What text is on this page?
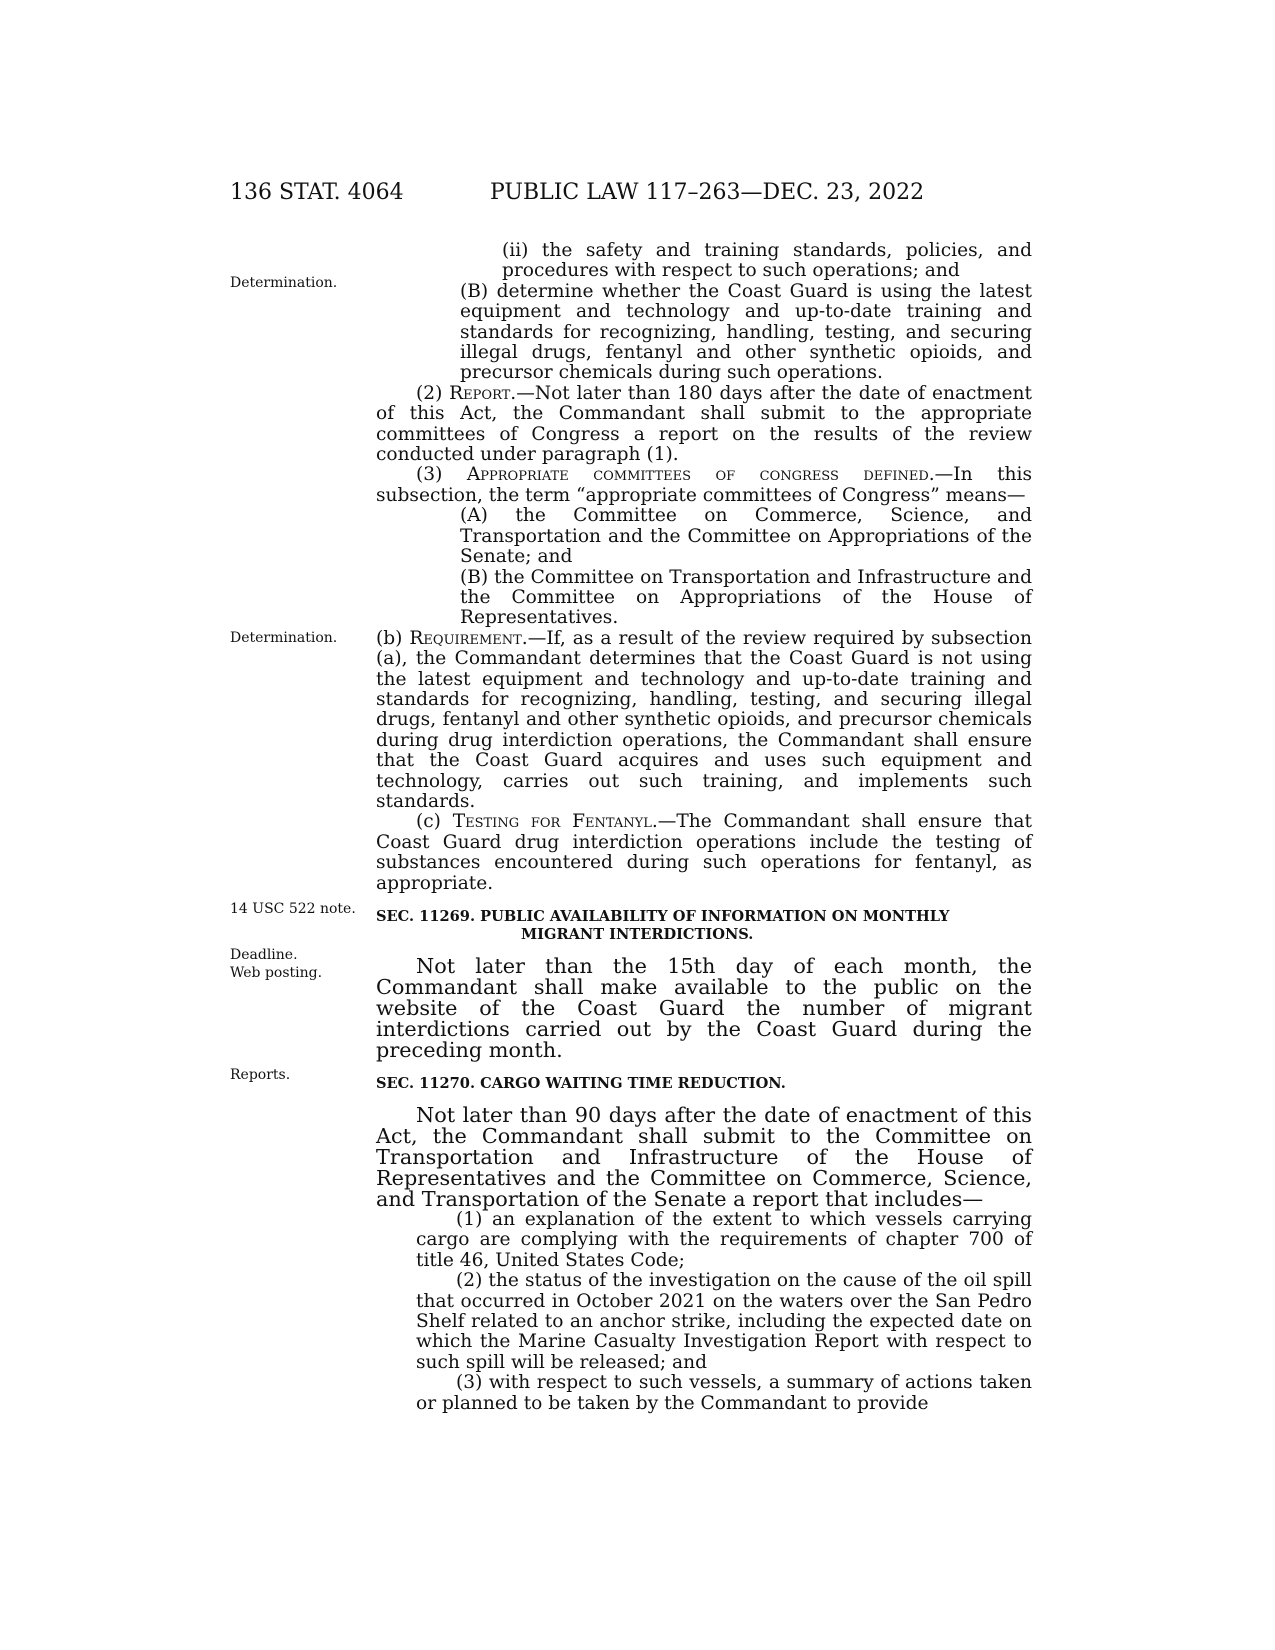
136 STAT. 4064	PUBLIC LAW 117–263—DEC. 23, 2022
Determination.
Determination.
14 USC 522 note.
Deadline.
Web posting.
Reports.

(ii) the safety and training standards, policies, and procedures with respect to such operations; and

(B) determine whether the Coast Guard is using the latest equipment and technology and up-to-date training and standards for recognizing, handling, testing, and securing illegal drugs, fentanyl and other synthetic opioids, and precursor chemicals during such operations.

(2) Report.—Not later than 180 days after the date of enactment of this Act, the Commandant shall submit to the appropriate committees of Congress a report on the results of the review conducted under paragraph (1).

(3) Appropriate committees of congress defined.—In this subsection, the term “appropriate committees of Congress” means—

(A) the Committee on Commerce, Science, and Transportation and the Committee on Appropriations of the Senate; and

(B) the Committee on Transportation and Infrastructure and the Committee on Appropriations of the House of Representatives.

(b) Requirement.—If, as a result of the review required by subsection (a), the Commandant determines that the Coast Guard is not using the latest equipment and technology and up-to-date training and standards for recognizing, handling, testing, and securing illegal drugs, fentanyl and other synthetic opioids, and precursor chemicals during drug interdiction operations, the Commandant shall ensure that the Coast Guard acquires and uses such equipment and technology, carries out such training, and implements such standards.

(c) Testing for Fentanyl.—The Commandant shall ensure that Coast Guard drug interdiction operations include the testing of substances encountered during such operations for fentanyl, as appropriate.

SEC. 11269. PUBLIC AVAILABILITY OF INFORMATION ON MONTHLY
MIGRANT INTERDICTIONS.

Not later than the 15th day of each month, the Commandant shall make available to the public on the website of the Coast Guard the number of migrant interdictions carried out by the Coast Guard during the preceding month.

SEC. 11270. CARGO WAITING TIME REDUCTION.

Not later than 90 days after the date of enactment of this Act, the Commandant shall submit to the Committee on Transportation and Infrastructure of the House of Representatives and the Committee on Commerce, Science, and Transportation of the Senate a report that includes—

(1) an explanation of the extent to which vessels carrying cargo are complying with the requirements of chapter 700 of title 46, United States Code;

(2) the status of the investigation on the cause of the oil spill that occurred in October 2021 on the waters over the San Pedro Shelf related to an anchor strike, including the expected date on which the Marine Casualty Investigation Report with respect to such spill will be released; and

(3) with respect to such vessels, a summary of actions taken or planned to be taken by the Commandant to provide
